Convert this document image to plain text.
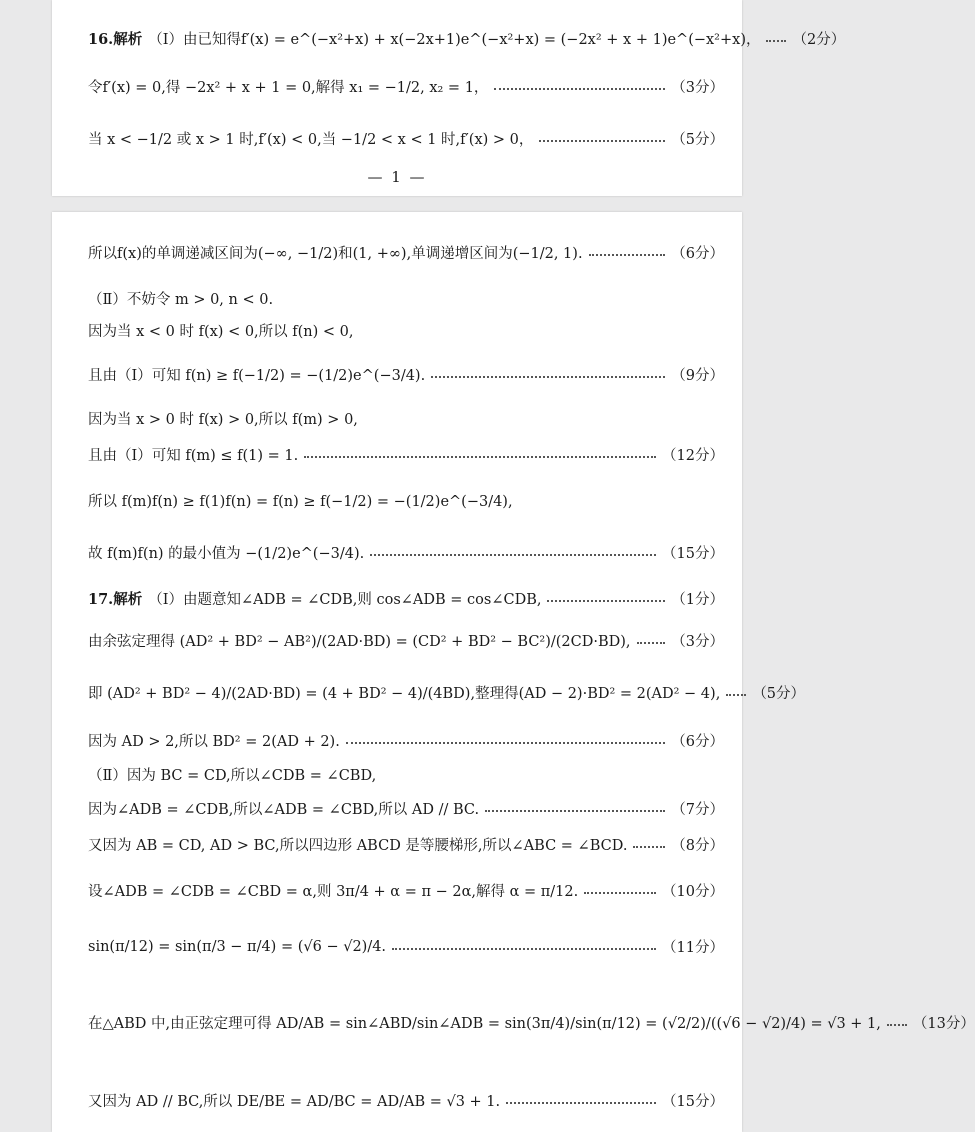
16.解析 （Ⅰ）由已知得f′(x) = e^(−x²+x) + x(−2x+1)e^(−x²+x) = (−2x² + x + 1)e^(−x²+x)， （2分）
令f′(x) = 0,得 −2x² + x + 1 = 0,解得 x₁ = −1/2, x₂ = 1，	（3分）
当 x < −1/2 或 x > 1 时,f′(x) < 0,当 −1/2 < x < 1 时,f′(x) > 0，	（5分）
— 1 —
所以f(x)的单调递减区间为(−∞, −1/2)和(1, +∞),单调递增区间为(−1/2, 1).	（6分）
（Ⅱ）不妨令 m > 0, n < 0.
因为当 x < 0 时 f(x) < 0,所以 f(n) < 0,
且由（Ⅰ）可知 f(n) ≥ f(−1/2) = −(1/2)e^(−3/4).	（9分）
因为当 x > 0 时 f(x) > 0,所以 f(m) > 0,
且由（Ⅰ）可知 f(m) ≤ f(1) = 1.	（12分）
所以 f(m)f(n) ≥ f(1)f(n) = f(n) ≥ f(−1/2) = −(1/2)e^(−3/4),
故 f(m)f(n) 的最小值为 −(1/2)e^(−3/4).	（15分）
17.解析 （Ⅰ）由题意知∠ADB = ∠CDB,则 cos∠ADB = cos∠CDB,	（1分）
由余弦定理得 (AD² + BD² − AB²)/(2AD·BD) = (CD² + BD² − BC²)/(2CD·BD),	（3分）
即 (AD² + BD² − 4)/(2AD·BD) = (4 + BD² − 4)/(4BD),整理得(AD − 2)·BD² = 2(AD² − 4), （5分）
因为 AD > 2,所以 BD² = 2(AD + 2).	（6分）
（Ⅱ）因为 BC = CD,所以∠CDB = ∠CBD,
因为∠ADB = ∠CDB,所以∠ADB = ∠CBD,所以 AD // BC.	（7分）
又因为 AB = CD, AD > BC,所以四边形 ABCD 是等腰梯形,所以∠ABC = ∠BCD.	（8分）
设∠ADB = ∠CDB = ∠CBD = α,则 3π/4 + α = π − 2α,解得 α = π/12.	（10分）
sin(π/12) = sin(π/3 − π/4) = (√6 − √2)/4.	（11分）
在△ABD 中,由正弦定理可得 AD/AB = sin∠ABD/sin∠ADB = sin(3π/4)/sin(π/12) = (√2/2)/((√6 − √2)/4) = √3 + 1, （13分）
又因为 AD // BC,所以 DE/BE = AD/BC = AD/AB = √3 + 1.	（15分）
